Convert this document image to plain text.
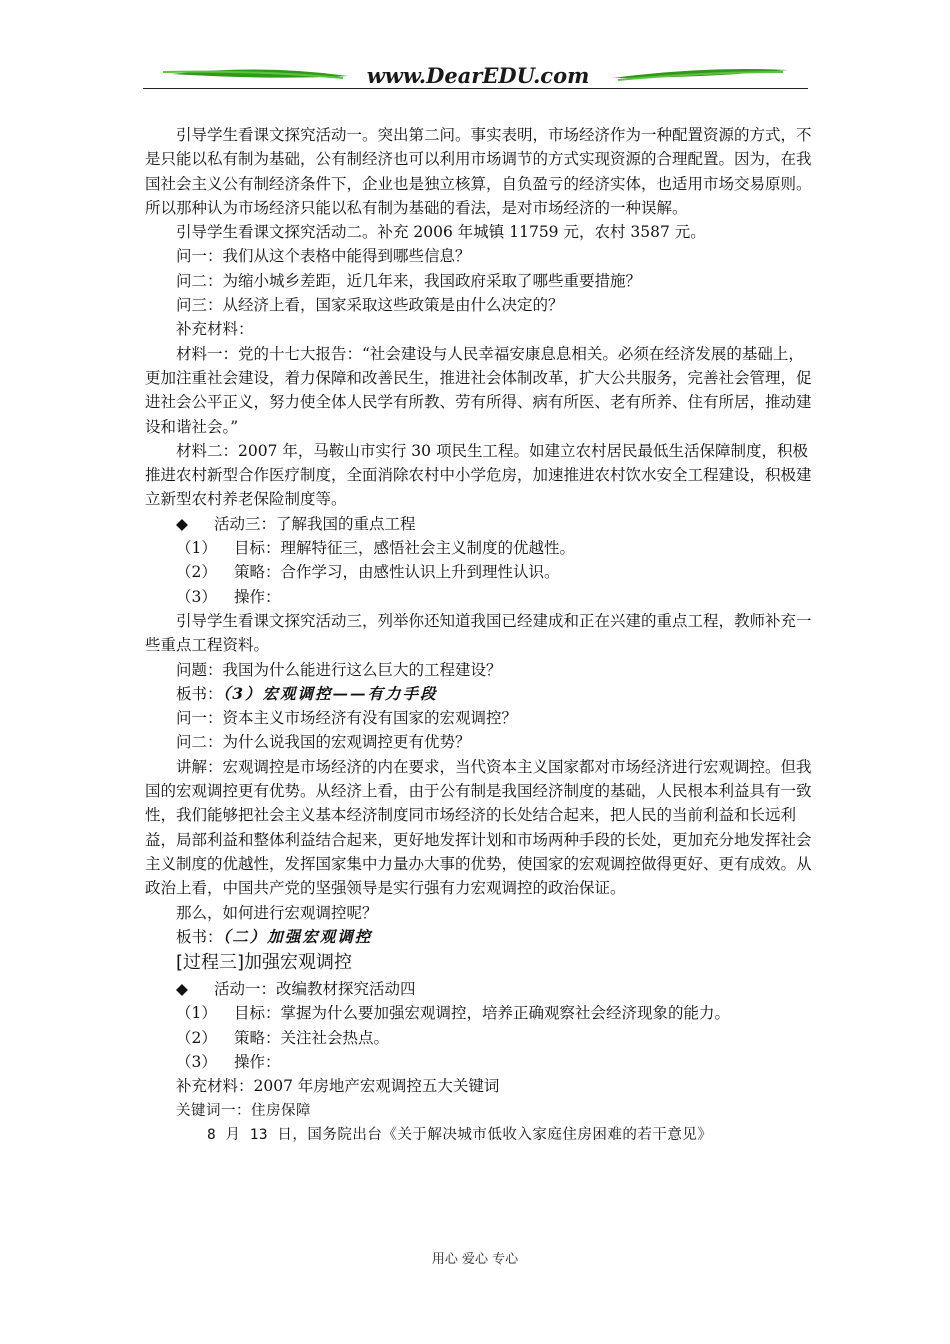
www.DearEDU.com

引导学生看课文探究活动一。突出第二问。事实表明，市场经济作为一种配置资源的方式，不是只能以私有制为基础，公有制经济也可以利用市场调节的方式实现资源的合理配置。因为，在我国社会主义公有制经济条件下，企业也是独立核算，自负盈亏的经济实体，也适用市场交易原则。所以那种认为市场经济只能以私有制为基础的看法，是对市场经济的一种误解。

引导学生看课文探究活动二。补充 2006 年城镇 11759 元，农村 3587 元。

问一：我们从这个表格中能得到哪些信息？

问二：为缩小城乡差距，近几年来，我国政府采取了哪些重要措施？

问三：从经济上看，国家采取这些政策是由什么决定的？

补充材料：

材料一：党的十七大报告：“社会建设与人民幸福安康息息相关。必须在经济发展的基础上，更加注重社会建设，着力保障和改善民生，推进社会体制改革，扩大公共服务，完善社会管理，促进社会公平正义，努力使全体人民学有所教、劳有所得、病有所医、老有所养、住有所居，推动建设和谐社会。”

材料二：2007 年，马鞍山市实行 30 项民生工程。如建立农村居民最低生活保障制度，积极推进农村新型合作医疗制度，全面消除农村中小学危房，加速推进农村饮水安全工程建设，积极建立新型农村养老保险制度等。

◆ 活动三：了解我国的重点工程

（1） 目标：理解特征三，感悟社会主义制度的优越性。

（2） 策略：合作学习，由感性认识上升到理性认识。

（3） 操作：

引导学生看课文探究活动三，列举你还知道我国已经建成和正在兴建的重点工程，教师补充一些重点工程资料。

问题：我国为什么能进行这么巨大的工程建设？

板书：（3）宏观调控——有力手段

问一：资本主义市场经济有没有国家的宏观调控？

问二：为什么说我国的宏观调控更有优势？

讲解：宏观调控是市场经济的内在要求，当代资本主义国家都对市场经济进行宏观调控。但我国的宏观调控更有优势。从经济上看，由于公有制是我国经济制度的基础，人民根本利益具有一致性，我们能够把社会主义基本经济制度同市场经济的长处结合起来，把人民的当前利益和长远利益，局部利益和整体利益结合起来，更好地发挥计划和市场两种手段的长处，更加充分地发挥社会主义制度的优越性，发挥国家集中力量办大事的优势，使国家的宏观调控做得更好、更有成效。从政治上看，中国共产党的坚强领导是实行强有力宏观调控的政治保证。

那么，如何进行宏观调控呢？

板书：（二）加强宏观调控

[过程三]加强宏观调控

◆ 活动一：改编教材探究活动四

（1） 目标：掌握为什么要加强宏观调控，培养正确观察社会经济现象的能力。

（2） 策略：关注社会热点。

（3） 操作：

补充材料：2007 年房地产宏观调控五大关键词

关键词一：住房保障

8 月 13 日，国务院出台《关于解决城市低收入家庭住房困难的若干意见》

用心 爱心 专心
